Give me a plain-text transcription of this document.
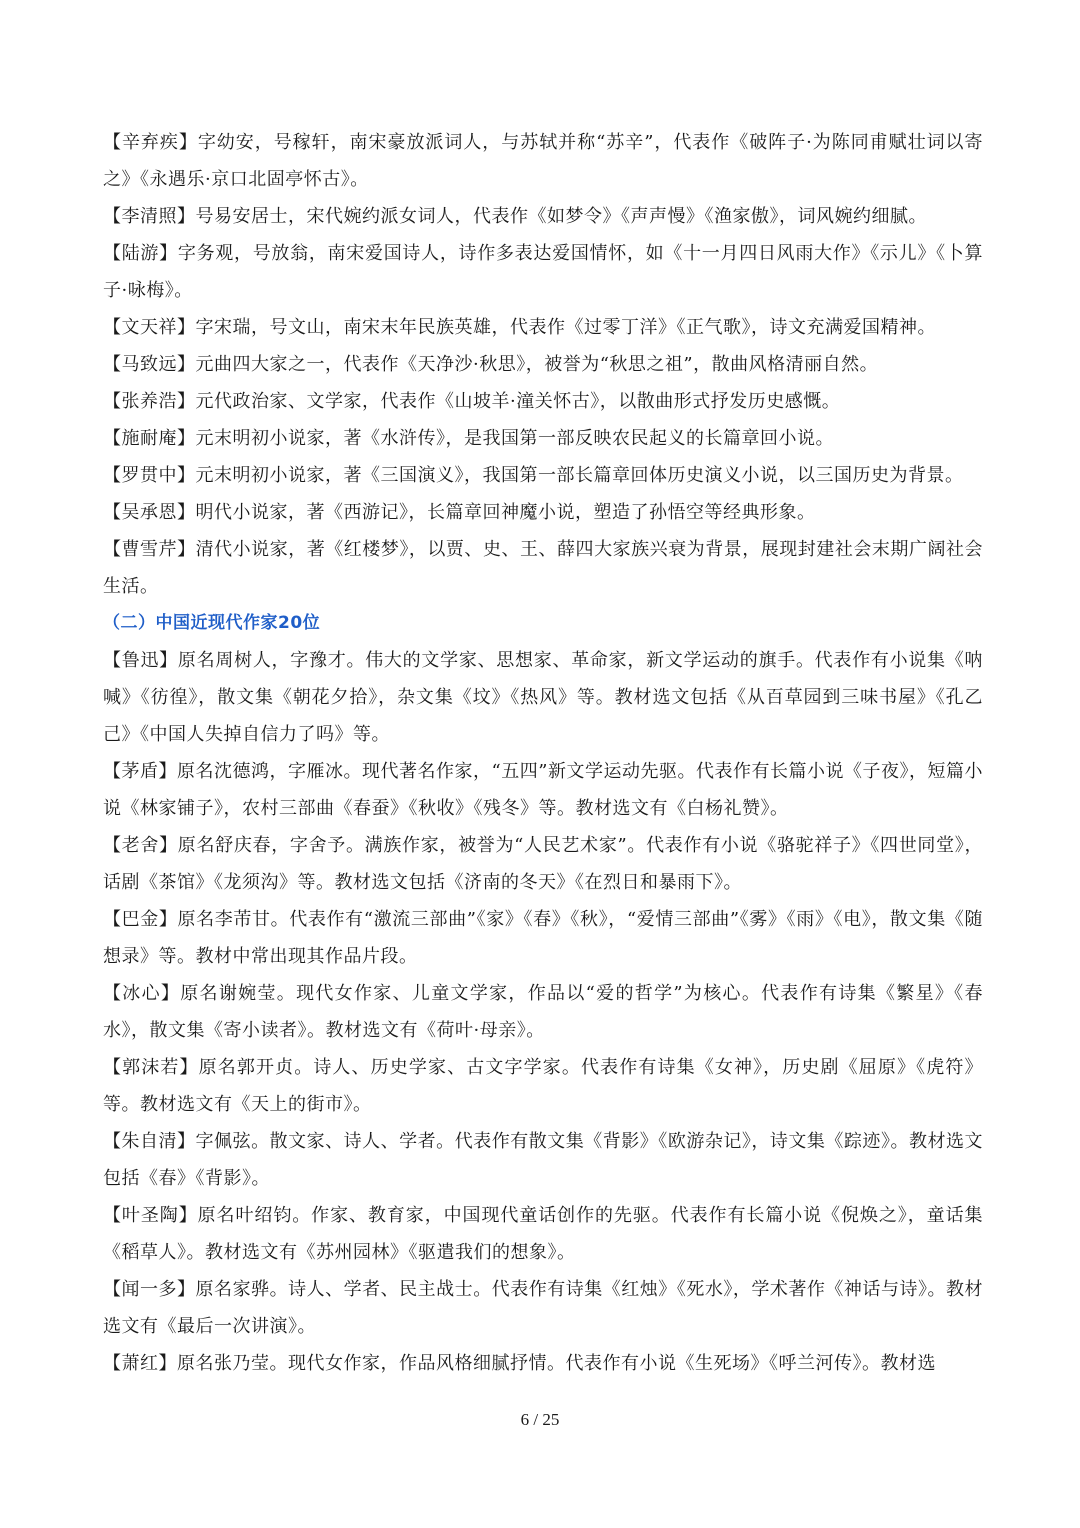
【辛弃疾】字幼安，号稼轩，南宋豪放派词人，与苏轼并称“苏辛”，代表作《破阵子·为陈同甫赋壮词以寄之》《永遇乐·京口北固亭怀古》。

【李清照】号易安居士，宋代婉约派女词人，代表作《如梦令》《声声慢》《渔家傲》，词风婉约细腻。

【陆游】字务观，号放翁，南宋爱国诗人，诗作多表达爱国情怀，如《十一月四日风雨大作》《示儿》《卜算子·咏梅》。

【文天祥】字宋瑞，号文山，南宋末年民族英雄，代表作《过零丁洋》《正气歌》，诗文充满爱国精神。

【马致远】元曲四大家之一，代表作《天净沙·秋思》，被誉为“秋思之祖”，散曲风格清丽自然。

【张养浩】元代政治家、文学家，代表作《山坡羊·潼关怀古》，以散曲形式抒发历史感慨。

【施耐庵】元末明初小说家，著《水浒传》，是我国第一部反映农民起义的长篇章回小说。

【罗贯中】元末明初小说家，著《三国演义》，我国第一部长篇章回体历史演义小说，以三国历史为背景。

【吴承恩】明代小说家，著《西游记》，长篇章回神魔小说，塑造了孙悟空等经典形象。

【曹雪芹】清代小说家，著《红楼梦》，以贾、史、王、薛四大家族兴衰为背景，展现封建社会末期广阔社会生活。

（二）中国近现代作家20位

【鲁迅】原名周树人，字豫才。伟大的文学家、思想家、革命家，新文学运动的旗手。代表作有小说集《呐喊》《彷徨》，散文集《朝花夕拾》，杂文集《坟》《热风》等。教材选文包括《从百草园到三味书屋》《孔乙己》《中国人失掉自信力了吗》等。

【茅盾】原名沈德鸿，字雁冰。现代著名作家，“五四”新文学运动先驱。代表作有长篇小说《子夜》，短篇小说《林家铺子》，农村三部曲《春蚕》《秋收》《残冬》等。教材选文有《白杨礼赞》。

【老舍】原名舒庆春，字舍予。满族作家，被誉为“人民艺术家”。代表作有小说《骆驼祥子》《四世同堂》，话剧《茶馆》《龙须沟》等。教材选文包括《济南的冬天》《在烈日和暴雨下》。

【巴金】原名李芾甘。代表作有“激流三部曲”《家》《春》《秋》，“爱情三部曲”《雾》《雨》《电》，散文集《随想录》等。教材中常出现其作品片段。

【冰心】原名谢婉莹。现代女作家、儿童文学家，作品以“爱的哲学”为核心。代表作有诗集《繁星》《春水》，散文集《寄小读者》。教材选文有《荷叶·母亲》。

【郭沫若】原名郭开贞。诗人、历史学家、古文字学家。代表作有诗集《女神》，历史剧《屈原》《虎符》等。教材选文有《天上的街市》。

【朱自清】字佩弦。散文家、诗人、学者。代表作有散文集《背影》《欧游杂记》，诗文集《踪迹》。教材选文包括《春》《背影》。

【叶圣陶】原名叶绍钧。作家、教育家，中国现代童话创作的先驱。代表作有长篇小说《倪焕之》，童话集《稻草人》。教材选文有《苏州园林》《驱遣我们的想象》。

【闻一多】原名家骅。诗人、学者、民主战士。代表作有诗集《红烛》《死水》，学术著作《神话与诗》。教材选文有《最后一次讲演》。

【萧红】原名张乃莹。现代女作家，作品风格细腻抒情。代表作有小说《生死场》《呼兰河传》。教材选

6 / 25
